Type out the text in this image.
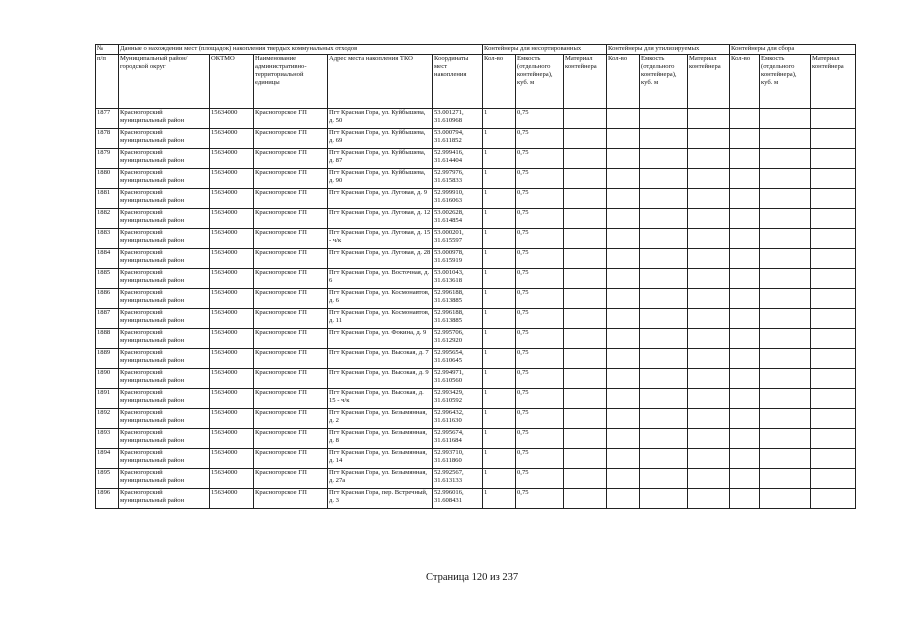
№	Данные о нахождении мест (площадок) накопления твердых коммунальных отходов					Контейнеры для несортированных			Контейнеры для утилизируемых			Контейнеры для сбора		
п/п	Муниципальный район/городской округ	ОКТМО	Наименование административно-территориальной единицы	Адрес места накопления ТКО	Координаты мест накопления	Кол-во	Емкость (отдельного контейнера), куб. м	Материал контейнера	Кол-во	Емкость (отдельного контейнера), куб. м	Материал контейнера	Кол-во	Емкость (отдельного контейнера), куб. м	Материал контейнера
1877	Красногорский муниципальный район	15634000	Красногорское ГП	Пгт Красная Гора, ул. Куйбышева, д. 50	53.001271, 31.610968	1	0,75							
1878	Красногорский муниципальный район	15634000	Красногорское ГП	Пгт Красная Гора, ул. Куйбышева, д. 69	53.000794, 31.611852	1	0,75							
1879	Красногорский муниципальный район	15634000	Красногорское ГП	Пгт Красная Гора, ул. Куйбышева, д. 87	52.999416, 31.614404	1	0,75							
1880	Красногорский муниципальный район	15634000	Красногорское ГП	Пгт Красная Гора, ул. Куйбышева, д. 90	52.997976, 31.615833	1	0,75							
1881	Красногорский муниципальный район	15634000	Красногорское ГП	Пгт Красная Гора, ул. Луговая, д. 9	52.999910, 31.616063	1	0,75							
1882	Красногорский муниципальный район	15634000	Красногорское ГП	Пгт Красная Гора, ул. Луговая, д. 12	53.002628, 31.614854	1	0,75							
1883	Красногорский муниципальный район	15634000	Красногорское ГП	Пгт Красная Гора, ул. Луговая, д. 15 - ч/к	53.000201, 31.615597	1	0,75							
1884	Красногорский муниципальный район	15634000	Красногорское ГП	Пгт Красная Гора, ул. Луговая, д. 28	53.000978, 31.615919	1	0,75							
1885	Красногорский муниципальный район	15634000	Красногорское ГП	Пгт Красная Гора, ул. Восточная, д. 6	53.001043, 31.613618	1	0,75							
1886	Красногорский муниципальный район	15634000	Красногорское ГП	Пгт Красная Гора, ул. Космонавтов, д. 6	52.996188, 31.613885	1	0,75							
1887	Красногорский муниципальный район	15634000	Красногорское ГП	Пгт Красная Гора, ул. Космонавтов, д. 11	52.996188, 31.613885	1	0,75							
1888	Красногорский муниципальный район	15634000	Красногорское ГП	Пгт Красная Гора, ул. Фокина, д. 9	52.995706, 31.612920	1	0,75							
1889	Красногорский муниципальный район	15634000	Красногорское ГП	Пгт Красная Гора, ул. Высокая, д. 7	52.995654, 31.610645	1	0,75							
1890	Красногорский муниципальный район	15634000	Красногорское ГП	Пгт Красная Гора, ул. Высокая, д. 9	52.994971, 31.610560	1	0,75							
1891	Красногорский муниципальный район	15634000	Красногорское ГП	Пгт Красная Гора, ул. Высокая, д. 15 - ч/к	52.993429, 31.610592	1	0,75							
1892	Красногорский муниципальный район	15634000	Красногорское ГП	Пгт Красная Гора, ул. Безымянная, д. 2	52.996432, 31.611630	1	0,75							
1893	Красногорский муниципальный район	15634000	Красногорское ГП	Пгт Красная Гора, ул. Безымянная, д. 8	52.995674, 31.611684	1	0,75							
1894	Красногорский муниципальный район	15634000	Красногорское ГП	Пгт Красная Гора, ул. Безымянная, д. 14	52.993710, 31.611860	1	0,75							
1895	Красногорский муниципальный район	15634000	Красногорское ГП	Пгт Красная Гора, ул. Безымянная, д. 27а	52.992567, 31.613133	1	0,75							
1896	Красногорский муниципальный район	15634000	Красногорское ГП	Пгт Красная Гора, пер. Встречный, д. 3	52.996016, 31.608431	1	0,75							
Страница 120 из 237
